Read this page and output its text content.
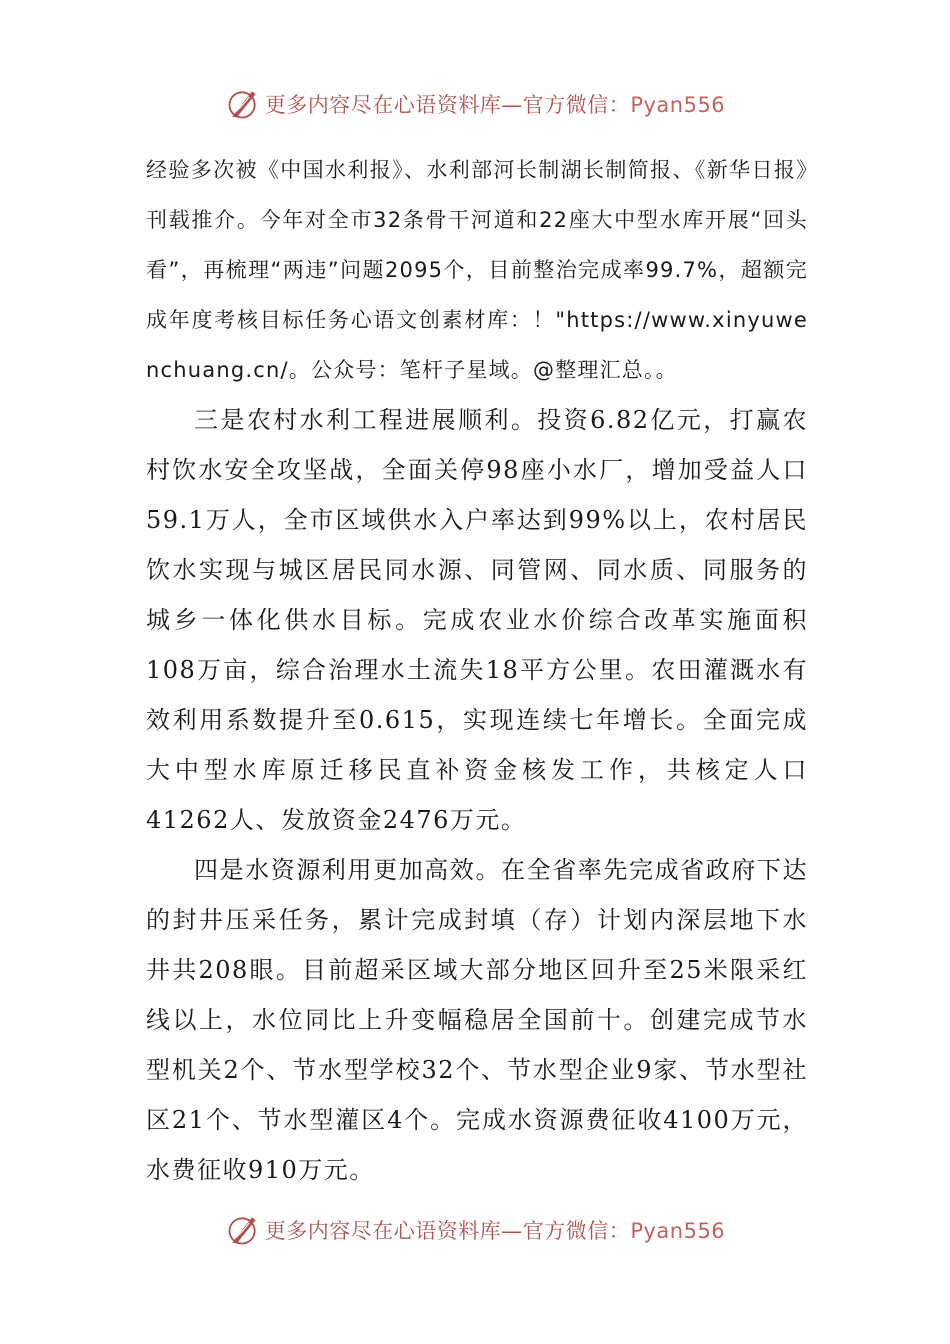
更多内容尽在心语资料库—官方微信：Pyan556

经验多次被《中国水利报》、水利部河长制湖长制简报、《新华日报》刊载推介。今年对全市32条骨干河道和22座大中型水库开展“回头看”，再梳理“两违”问题2095个，目前整治完成率99.7%，超额完成年度考核目标任务心语文创素材库：！"https://www.xinyuwenchuang.cn/。公众号：笔杆子星域。@整理汇总。。

三是农村水利工程进展顺利。投资6.82亿元，打赢农村饮水安全攻坚战，全面关停98座小水厂，增加受益人口59.1万人，全市区域供水入户率达到99%以上，农村居民饮水实现与城区居民同水源、同管网、同水质、同服务的城乡一体化供水目标。完成农业水价综合改革实施面积108万亩，综合治理水土流失18平方公里。农田灌溉水有效利用系数提升至0.615，实现连续七年增长。全面完成大中型水库原迁移民直补资金核发工作，共核定人口41262人、发放资金2476万元。

四是水资源利用更加高效。在全省率先完成省政府下达的封井压采任务，累计完成封填（存）计划内深层地下水井共208眼。目前超采区域大部分地区回升至25米限采红线以上，水位同比上升变幅稳居全国前十。创建完成节水型机关2个、节水型学校32个、节水型企业9家、节水型社区21个、节水型灌区4个。完成水资源费征收4100万元，水费征收910万元。

更多内容尽在心语资料库—官方微信：Pyan556
